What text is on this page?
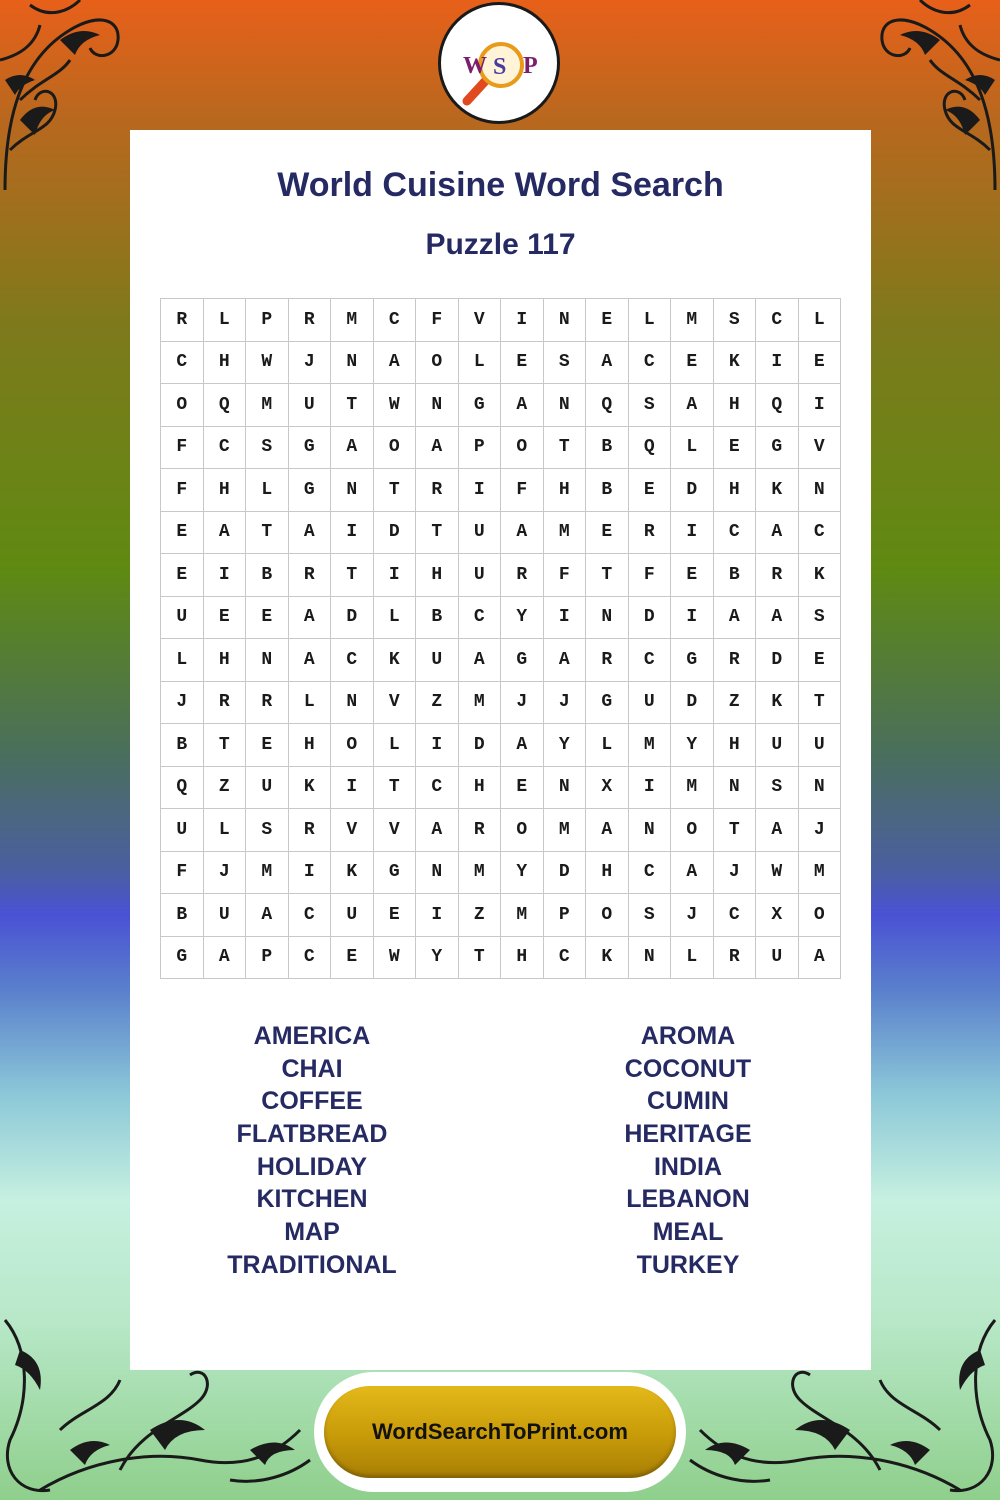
W S P
World Cuisine Word Search
Puzzle 117
R	L	P	R	M	C	F	V	I	N	E	L	M	S	C	L
C	H	W	J	N	A	O	L	E	S	A	C	E	K	I	E
O	Q	M	U	T	W	N	G	A	N	Q	S	A	H	Q	I
F	C	S	G	A	O	A	P	O	T	B	Q	L	E	G	V
F	H	L	G	N	T	R	I	F	H	B	E	D	H	K	N
E	A	T	A	I	D	T	U	A	M	E	R	I	C	A	C
E	I	B	R	T	I	H	U	R	F	T	F	E	B	R	K
U	E	E	A	D	L	B	C	Y	I	N	D	I	A	A	S
L	H	N	A	C	K	U	A	G	A	R	C	G	R	D	E
J	R	R	L	N	V	Z	M	J	J	G	U	D	Z	K	T
B	T	E	H	O	L	I	D	A	Y	L	M	Y	H	U	U
Q	Z	U	K	I	T	C	H	E	N	X	I	M	N	S	N
U	L	S	R	V	V	A	R	O	M	A	N	O	T	A	J
F	J	M	I	K	G	N	M	Y	D	H	C	A	J	W	M
B	U	A	C	U	E	I	Z	M	P	O	S	J	C	X	O
G	A	P	C	E	W	Y	T	H	C	K	N	L	R	U	A
AMERICA
CHAI
COFFEE
FLATBREAD
HOLIDAY
KITCHEN
MAP
TRADITIONAL
AROMA
COCONUT
CUMIN
HERITAGE
INDIA
LEBANON
MEAL
TURKEY
WordSearchToPrint.com
